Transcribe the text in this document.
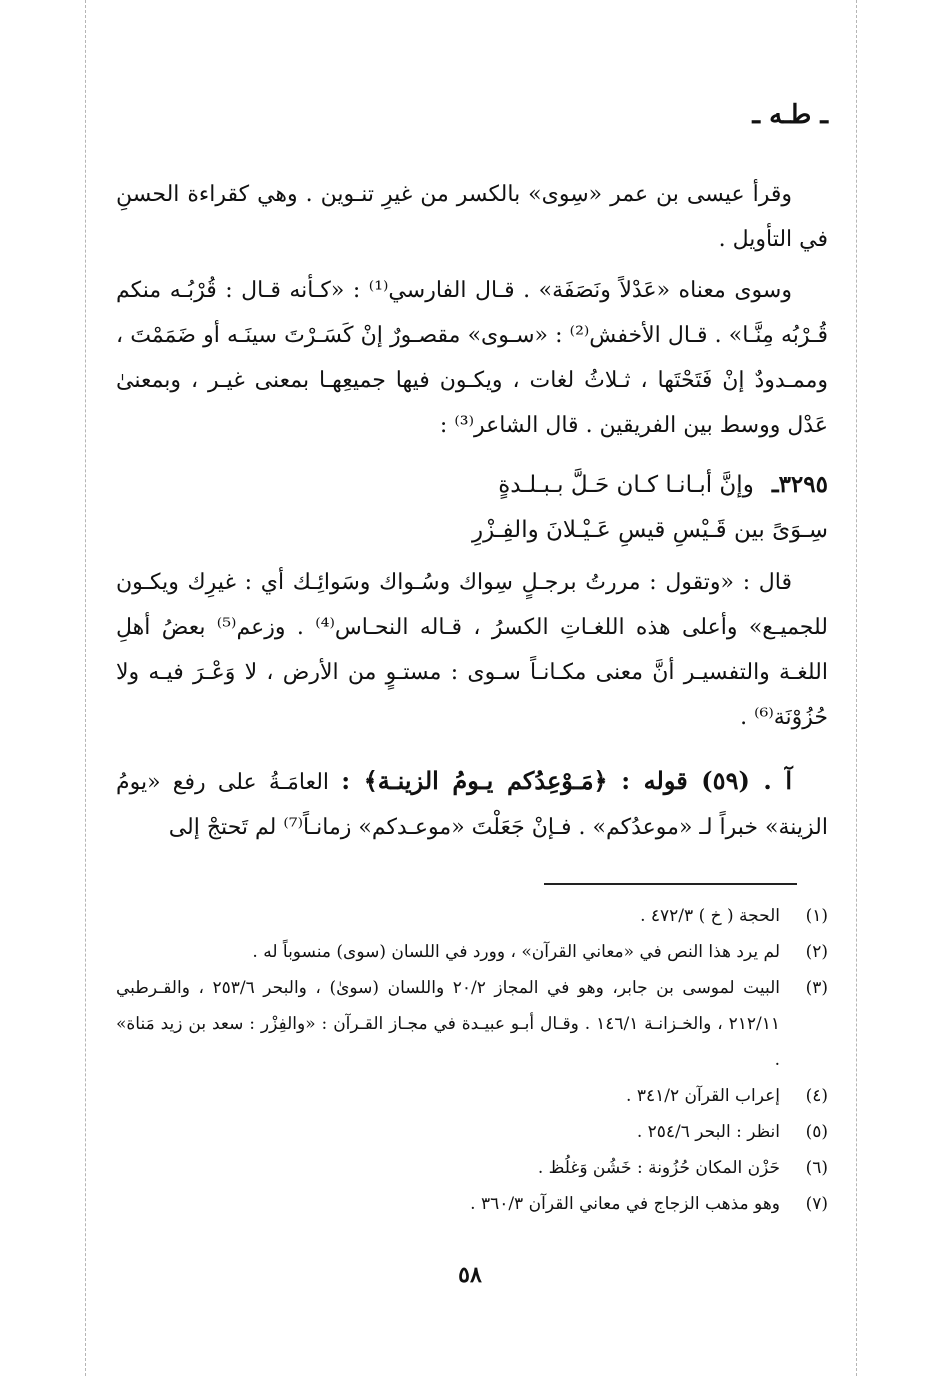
ـ طـه ـ

وقرأ عيسى بن عمر «سِوى» بالكسر من غيرِ تنـوين . وهي كقراءة الحسنِ في التأويل .

وسوى معناه «عَدْلاً ونَصَفَة» . قـال الفارسي⁽¹⁾ : «كـأنه قـال : قُرْبُـه منكم قُـرْبُه مِنَّـا» . قـال الأخفش⁽²⁾ : «سـوى» مقصـورٌ إنْ كَسَـرْتَ سينَـه أو ضَمَمْتَ ، وممـدودٌ إنْ فَتَحْتَها ، ثـلاثُ لغات ، ويكـون فيها جميعِهـا بمعنى غيـر ، وبمعنىٰ عَدْل ووسط بين الفريقين . قال الشاعر⁽³⁾ :

٣٢٩٥ـ وإنَّ أبـانـا كـان حَـلَّ بـبـلـدةٍ
سِـوَىً بين قَـيْسِ قيسِ عَـيْـلانَ والفِـزْرِ

قال : «وتقول : مررتُ برجـلٍ سِواك وسُـواك وسَوائِـك أي : غيرِك ويكـون للجميـع» وأعلى هذه اللغـاتِ الكسرُ ، قـاله النحـاس⁽⁴⁾ . وزعم⁽⁵⁾ بعضُ أهلِ اللغـة والتفسيـر أنَّ معنى مكـانـاً سـوى : مستـوٍ من الأرض ، لا وَعْـرَ فيـه ولا حُزُوْنَة⁽⁶⁾ .

آ . (٥٩) قوله : ﴿مَـوْعِدُكم يـومُ الزينـة﴾ : العامَـةُ على رفع «يومُ الزينة» خبراً لـ «موعدُكم» . فـإنْ جَعَلْتَ «موعـدكم» زمانـاً⁽⁷⁾ لم تَحتجْ إلى

(١)
الحجة ( خ ) ٤٧٢/٣ .
(٢)
لم يرد هذا النص في «معاني القرآن» ، وورد في اللسان (سوى) منسوباً له .
(٣)
البيت لموسى بن جابر، وهو في المجاز ٢٠/٢ واللسان (سوىٰ) ، والبحر ٢٥٣/٦ ، والقـرطبي ٢١٢/١١ ، والخـزانـة ١٤٦/١ . وقـال أبـو عبيـدة في مجـاز القـرآن : «والفِزْر : سعد بن زيد مَناة» .
(٤)
إعراب القرآن ٣٤١/٢ .
(٥)
انظر : البحر ٢٥٤/٦ .
(٦)
حَزْن المكان حُزُونة : خَشُن وَغلُظ .
(٧)
وهو مذهب الزجاج في معاني القرآن ٣٦٠/٣ .
٥٨
